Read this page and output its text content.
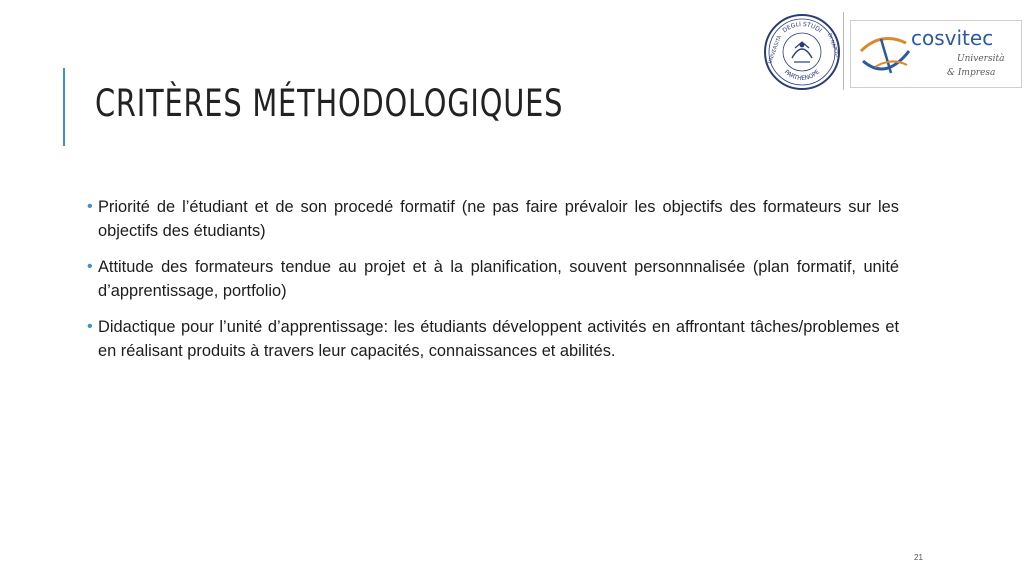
CRITÈRES MÉTHODOLOGIQUES
DEGLI STUDI
PARTHENOPE
UNIVERSITÀ	DI NAPOLI	cosvitec
Università
& Impresa
• Priorité de l’étudiant et de son procedé formatif (ne pas faire prévaloir les objectifs des formateurs sur les objectifs des étudiants)
• Attitude des formateurs tendue au projet et à la planification, souvent personnnalisée (plan formatif, unité d’apprentissage, portfolio)
• Didactique pour l’unité d’apprentissage: les étudiants développent activités en affrontant tâches/problemes et en réalisant produits à travers leur capacités, connaissances et abilités.
21
